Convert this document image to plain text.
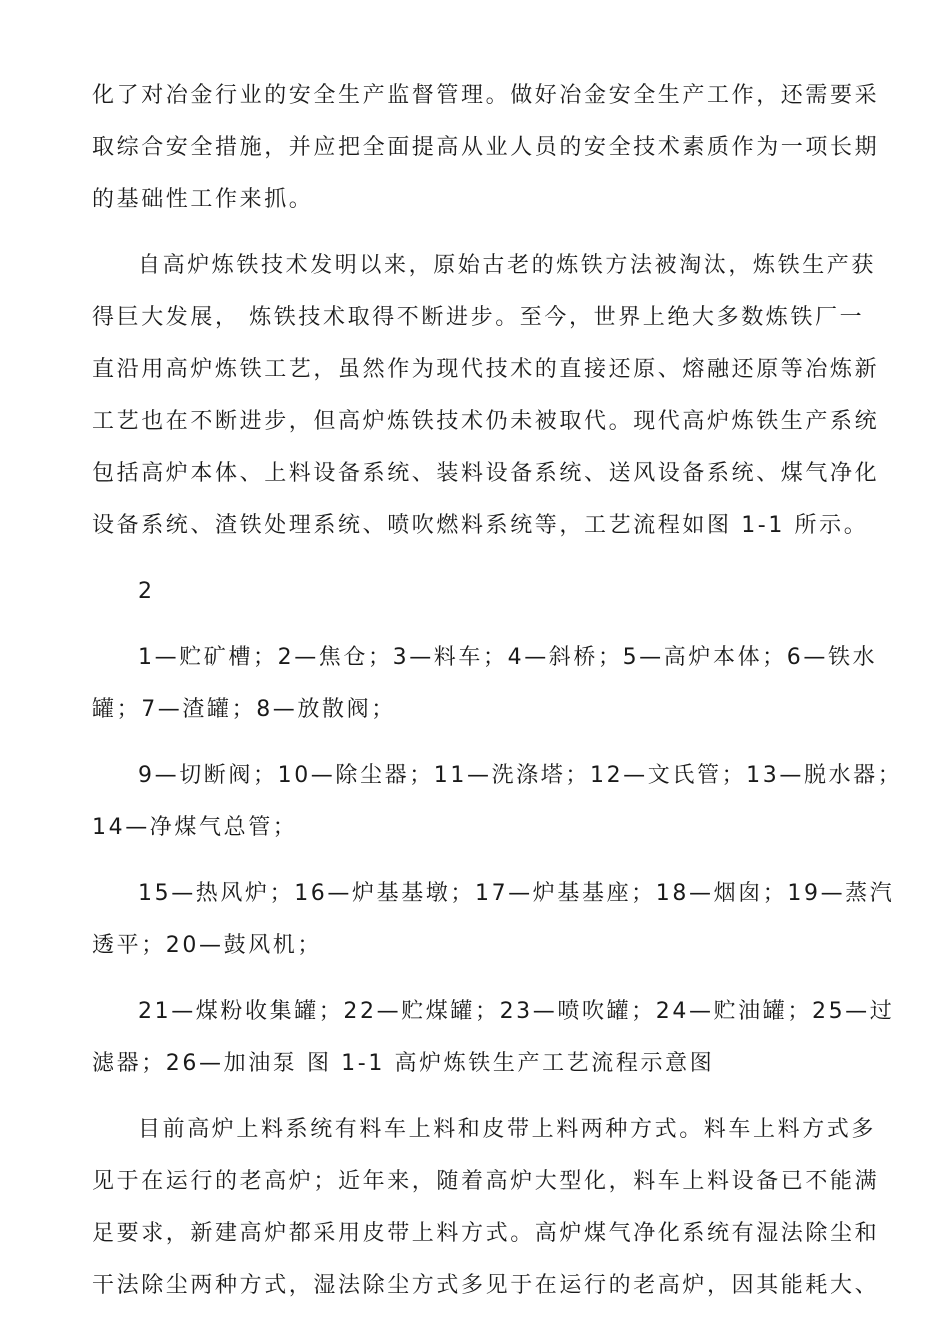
化了对冶金行业的安全生产监督管理。做好冶金安全生产工作，还需要采
取综合安全措施，并应把全面提高从业人员的安全技术素质作为一项长期
的基础性工作来抓。
自高炉炼铁技术发明以来，原始古老的炼铁方法被淘汰，炼铁生产获
得巨大发展， 炼铁技术取得不断进步。至今，世界上绝大多数炼铁厂一
直沿用高炉炼铁工艺，虽然作为现代技术的直接还原、熔融还原等冶炼新
工艺也在不断进步，但高炉炼铁技术仍未被取代。现代高炉炼铁生产系统
包括高炉本体、上料设备系统、装料设备系统、送风设备系统、煤气净化
设备系统、渣铁处理系统、喷吹燃料系统等，工艺流程如图 1-1 所示。
2
1—贮矿槽；2—焦仓；3—料车；4—斜桥；5—高炉本体；6—铁水
罐；7—渣罐；8—放散阀；
9—切断阀；10—除尘器；11—洗涤塔；12—文氏管；13—脱水器；
14—净煤气总管；
15—热风炉；16—炉基基墩；17—炉基基座；18—烟囱；19—蒸汽
透平；20—鼓风机；
21—煤粉收集罐；22—贮煤罐；23—喷吹罐；24—贮油罐；25—过
滤器；26—加油泵 图 1-1 高炉炼铁生产工艺流程示意图
目前高炉上料系统有料车上料和皮带上料两种方式。料车上料方式多
见于在运行的老高炉；近年来，随着高炉大型化，料车上料设备已不能满
足要求，新建高炉都采用皮带上料方式。高炉煤气净化系统有湿法除尘和
干法除尘两种方式，湿法除尘方式多见于在运行的老高炉，因其能耗大、
